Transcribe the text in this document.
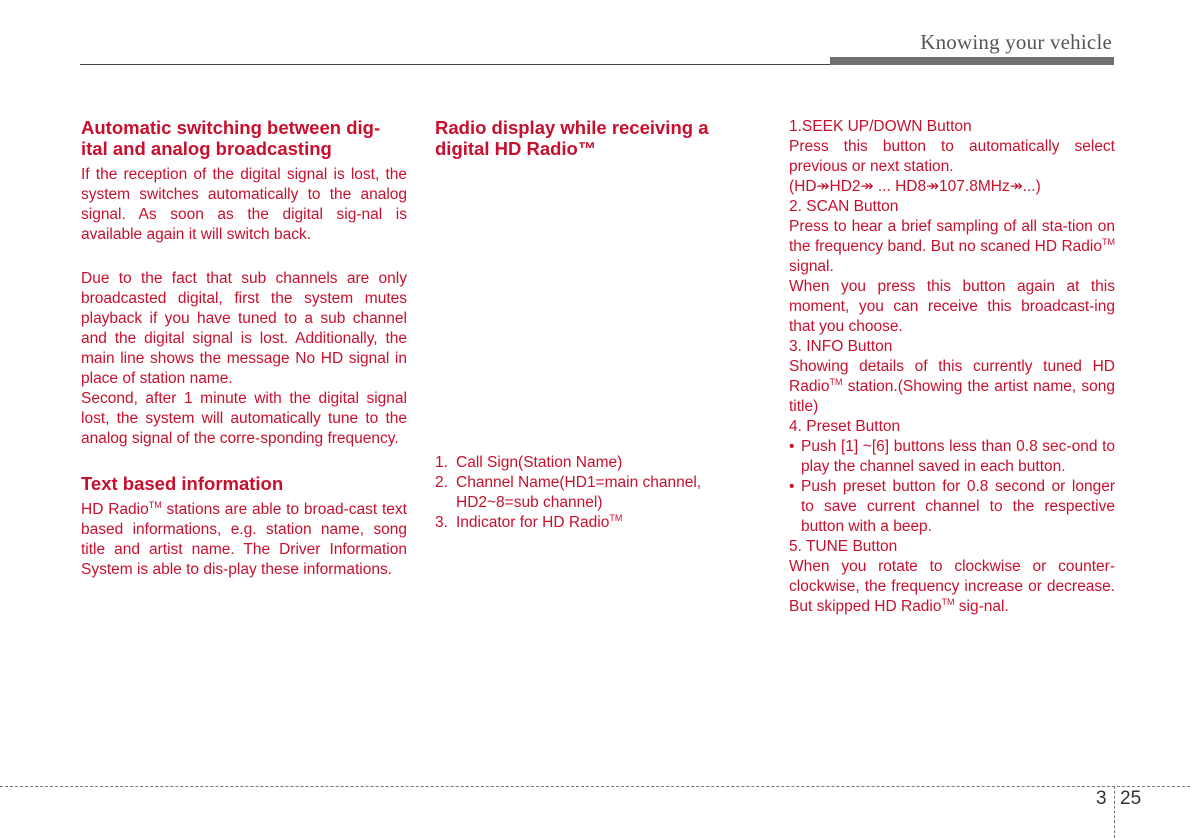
Knowing your vehicle

Automatic switching between dig-
ital and analog broadcasting

If the reception of the digital signal is lost, the system switches automatically to the analog signal. As soon as the digital sig-nal is available again it will switch back.

Due to the fact that sub channels are only broadcasted digital, first the system mutes playback if you have tuned to a sub channel and the digital signal is lost. Additionally, the main line shows the message No HD signal in place of station name.

Second, after 1 minute with the digital signal lost, the system will automatically tune to the analog signal of the corre-sponding frequency.

Text based information

HD Radio™ stations are able to broad-cast text based informations, e.g. station name, song title and artist name. The Driver Information System is able to dis-play these informations.

Radio display while receiving a
digital HD Radio™

1. Call Sign(Station Name)
2. Channel Name(HD1=main channel, HD2~8=sub channel)
3. Indicator for HD Radio™

1.SEEK UP/DOWN Button

Press this button to automatically select previous or next station.

(HD↠HD2↠ ... HD8↠107.8MHz↠...)

2. SCAN Button

Press to hear a brief sampling of all sta-tion on the frequency band. But no scaned HD Radio™ signal.

When you press this button again at this moment, you can receive this broadcast-ing that you choose.

3. INFO Button

Showing details of this currently tuned HD Radio™ station.(Showing the artist name, song title)

4. Preset Button

• Push [1] ~[6] buttons less than 0.8 sec-ond to play the channel saved in each button.
• Push preset button for 0.8 second or longer to save current channel to the respective button with a beep.

5. TUNE Button

When you rotate to clockwise or counter-clockwise, the frequency increase or decrease. But skipped HD Radio™ sig-nal.

3 25
